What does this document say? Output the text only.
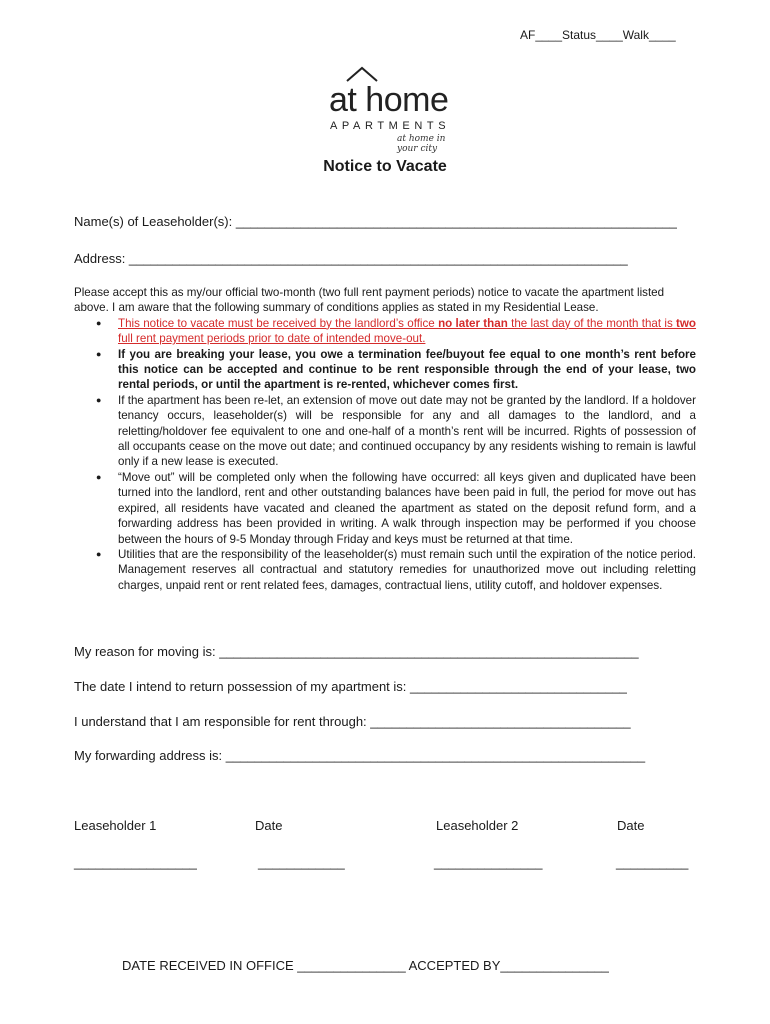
AF____Status____Walk____
at home
APARTMENTS
at home in your city
Notice to Vacate
Name(s) of Leaseholder(s): _____________________________________________________________
Address: _____________________________________________________________________

Please accept this as my/our official two-month (two full rent payment periods) notice to vacate the apartment listed above. I am aware that the following summary of conditions applies as stated in my Residential Lease.

● This notice to vacate must be received by the landlord’s office no later than the last day of the month that is two full rent payment periods prior to date of intended move-out.
● If you are breaking your lease, you owe a termination fee/buyout fee equal to one month’s rent before this notice can be accepted and continue to be rent responsible through the end of your lease, two rental periods, or until the apartment is re-rented, whichever comes first.
● If the apartment has been re-let, an extension of move out date may not be granted by the landlord. If a holdover tenancy occurs, leaseholder(s) will be responsible for any and all damages to the landlord, and a reletting/holdover fee equivalent to one and one-half of a month’s rent will be incurred. Rights of possession of all occupants cease on the move out date; and continued occupancy by any residents wishing to remain is lawful only if a new lease is executed.
● “Move out” will be completed only when the following have occurred: all keys given and duplicated have been turned into the landlord, rent and other outstanding balances have been paid in full, the period for move out has expired, all residents have vacated and cleaned the apartment as stated on the deposit refund form, and a forwarding address has been provided in writing. A walk through inspection may be performed if you choose between the hours of 9-5 Monday through Friday and keys must be returned at that time.
● Utilities that are the responsibility of the leaseholder(s) must remain such until the expiration of the notice period. Management reserves all contractual and statutory remedies for unauthorized move out including reletting charges, unpaid rent or rent related fees, damages, contractual liens, utility cutoff, and holdover expenses.
My reason for moving is: __________________________________________________________
The date I intend to return possession of my apartment is: ______________________________
I understand that I am responsible for rent through: ____________________________________
My forwarding address is: __________________________________________________________
Leaseholder 1	Date	Leaseholder 2	Date
_________________	____________	_______________	__________
DATE RECEIVED IN OFFICE _______________ ACCEPTED BY_______________
